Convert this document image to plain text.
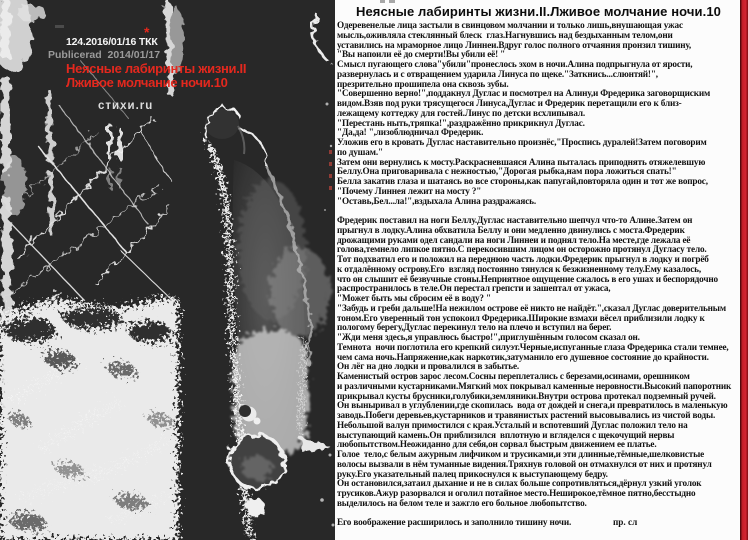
*
124.2016/01/16 ТКК
Publicerad  2014/01/17
Неясные лабиринты жизни.II
Лживое молчание ночи.10
стихи.ru
Неясные лабиринты жизни.II.Лживое молчание ночи.10
Одеревенелые лица застыли в свинцовом молчании и только лишь,внушающая ужас
мысль,оживляла стеклянный блеск  глаз.Нагнувшись над бездыханным телом,они
уставились на мраморное лицо Линнеи.Вдруг голос полного отчаяния пронзил тишину,
"Вы напоили её до смерти!Вы убили её! "
Смысл пугающего слова"убили"пронеслось эхом в ночи.Алина подпрыгнула от ярости,
развернулась и с отвращением ударила Линуса по щеке."Заткнись...слюнтяй!",
презрительно прошипела она сквозь зубы.
"Совершенно верно!",поддакнул Дуглас и посмотрел на Алину,и Фредерика заговорщиским
видом.Взяв под руки трясущегося Линуса,Дуглас и Фредерик перетащили его к близ-
лежащему коттеджу для гостей.Линус по детски всхлипывал.
"Перестань ныть,тряпка!",раздражённо прикрикнул Дуглас.
"Да,да! ",лизоблюдничал Фредерик.
Уложив его в кровать Дуглас наставительно произнёс,"Проспись дуралей!Затем поговорим
по душам."
Затем они вернулись к мосту.Раскрасневшаяся Алина пыталась приподнять отяжелевшую
Беллу.Она приговаривала с нежностью,"Дорогая рыбка,нам пора ложиться спать!"
Белла закатив глаза и шатаясь во все стороны,как папугай,повторяла один и тот же вопрос,
"Почему Линнея лежит на мосту ?"
"Оставь,Бел...ла!",вздыхала Алина раздражаясь.

Фредерик поставил на ноги Беллу.Дуглас наставительно шепчул что-то Алине.Затем он
прыгнул в лодку.Алина обхватила Беллу и они медленно двинулись с моста.Фредерик
дрожащими руками одел сандали на ноги Линнеи и поднял тело.На месте,где лежала её
голова,темнело липкое пятно.С перекосившим лицом он осторожно протянул Дугласу тело.
Тот подхватил его и положил на переднюю часть лодки.Фредерик прыгнул в лодку и погрёб
к отдалённому острову.Его  взгляд постоянно тянулся к безжизненному телу.Ему казалось,
что он слышит её безвучные стоны.Неприятное ощущение сжалось в его ушах и беспорядочно
распространилось в теле.Он перестал грепсти и зашептал от ужаса,
"Может быть мы сбросим её в воду? "
"Забудь и греби дальше!На нежилом острове её никто не найдёт.",сказал Дуглас доверительным
тоном.Его уверенный тон успокоил Фредерика.Широкие взмахи вёсел приблизили лодку к
пологому берегу,Дуглас перекинул тело на плечо и вступил на берег.
"Жди меня здесь,я управлюсь быстро!",приглушённым голосом сказал он.
Темнота  ночи поглотила его крепкий силуэт.Черные,испуганные глаза Фредерика стали темнее,
чем сама ночь.Напряжение,как наркотик,затуманило его душевное состояние до крайности.
Он лёг на дно лодки и провалился в забытье.
Каменистый остров зарос лесом.Сосны переплетались с березами,осинами, орешником
и различными кустарниками.Мягкий мох покрывал каменные неровности.Высокий папоротник
прикрывал кусты брусники,голубики,земляники.Внутри острова протекал подземный ручей.
Он выныривал в углублении,где скопилась  вода от дождей и снега,и превратилось в маленькую
заводь.Побеги деревьев,кустарников и травянистых растений высовывались из чистой воды.
Небольшой валун примостился с края.Усталый и вспотевший Дуглас положил тело на
выступающий камень.Он приблизился  вплотную и вгляделся с щекочущий нервы
любопытством.Неожиданно для себя,он сорвал быстрым движением ее платье.
Голое  тело,с белым ажурным лифчиком и трусиками,и эти длинные,тёмные,шелковистые
волосы вызвали в нём туманные видения.Тряхнув головой он отмахнулся от них и протянул
руку.Его указательный палец прикоснулся к выступающему бедру.
Он остановился,затаил дыхание и не в силах больше сопротивляться,дёрнул узкий уголок
трусиков.Ажур разорвался и оголил потайное место.Неширокое,тёмное пятно,бесстыдно
выделилось на белом теле и зажгло его больное любопытство.

Его воображение расширилось и заполнило тишину ночи.	пр. сл
